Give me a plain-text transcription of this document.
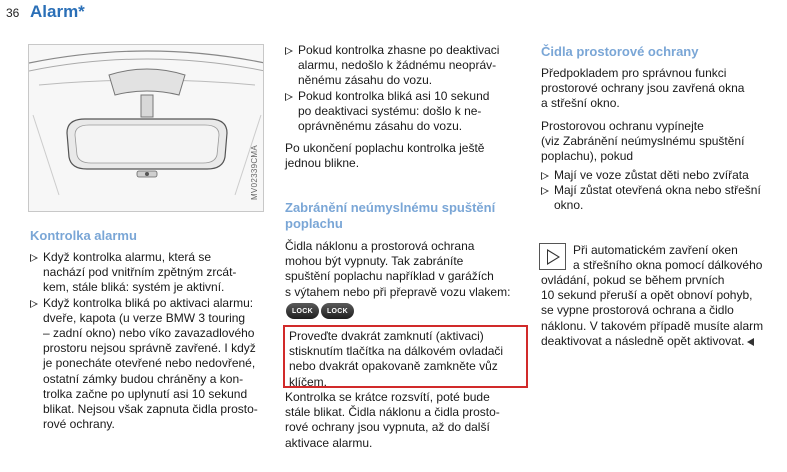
36 Alarm*
MV02339CMA
Kontrolka alarmu
Když kontrolka alarmu, která se
nachází pod vnitřním zpětným zrcát-
kem, stále bliká: systém je aktivní.
Když kontrolka bliká po aktivaci alarmu:
dveře, kapota (u verze BMW 3 touring
– zadní okno) nebo víko zavazadlového
prostoru nejsou správně zavřené. I když
je ponecháte otevřené nebo nedovřené,
ostatní zámky budou chráněny a kon-
trolka začne po uplynutí asi 10 sekund
blikat. Nejsou však zapnuta čidla prosto-
rové ochrany.
Pokud kontrolka zhasne po deaktivaci
alarmu, nedošlo k žádnému neopráv-
něnému zásahu do vozu.
Pokud kontrolka bliká asi 10 sekund
po deaktivaci systému: došlo k ne-
oprávněnému zásahu do vozu.
Po ukončení poplachu kontrolka ještě
jednou blikne.
Zabránění neúmyslnému spuštění
poplachu
Čidla náklonu a prostorová ochrana
mohou být vypnuty. Tak zabráníte
spuštění poplachu například v garážích
s výtahem nebo při přepravě vozu vlakem:
LOCK	LOCK
Proveďte dvakrát zamknutí (aktivaci)
stisknutím tlačítka na dálkovém ovladači
nebo dvakrát opakovaně zamkněte vůz
klíčem.
Kontrolka se krátce rozsvítí, poté bude
stále blikat. Čidla náklonu a čidla prosto-
rové ochrany jsou vypnuta, až do další
aktivace alarmu.
Čidla prostorové ochrany
Předpokladem pro správnou funkci
prostorové ochrany jsou zavřená okna
a střešní okno.
Prostorovou ochranu vypínejte
(viz Zabránění neúmyslnému spuštění
poplachu), pokud
Mají ve voze zůstat děti nebo zvířata
Mají zůstat otevřená okna nebo střešní
okno.
Při automatickém zavření oken
a střešního okna pomocí dálkového
ovládání, pokud se během prvních
10 sekund přeruší a opět obnoví pohyb,
se vypne prostorová ochrana a čidlo
náklonu. V takovém případě musíte alarm
deaktivovat a následně opět aktivovat.
